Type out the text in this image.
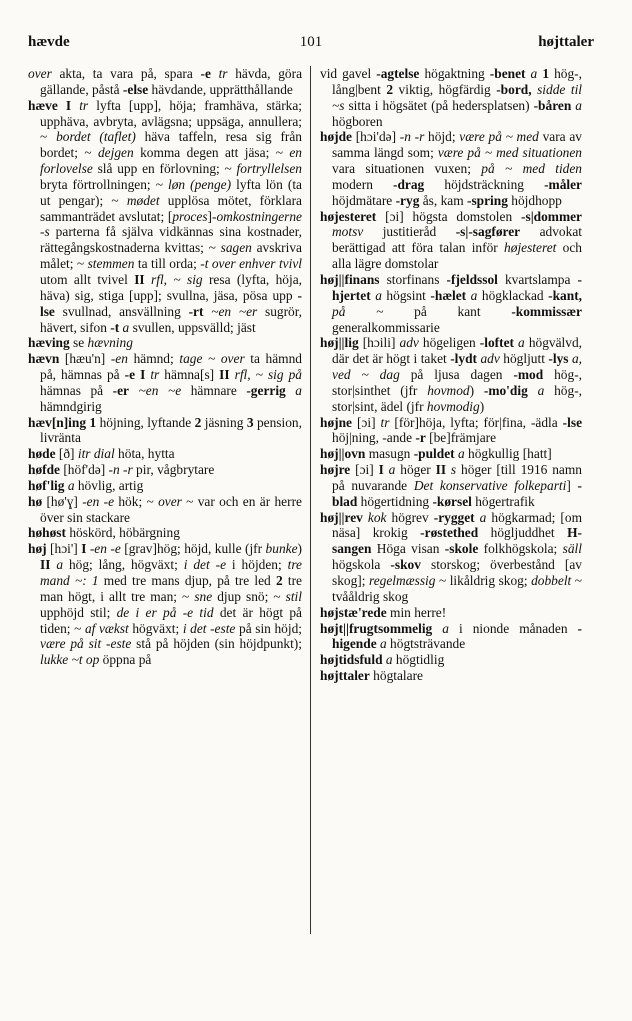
hævde	101	højttaler

over akta, ta vara på, spara -e tr hävda, göra gällande, påstå -else hävdande, upprätthållande

hæve I tr lyfta [upp], höja; framhäva, stärka; upphäva, avbryta, avlägsna; uppsäga, annullera; ~ bordet (taflet) häva taffeln, resa sig från bordet; ~ dejgen komma degen att jäsa; ~ en forlovelse slå upp en förlovning; ~ fortryllelsen bryta förtrollningen; ~ løn (penge) lyfta lön (ta ut pengar); ~ mødet upplösa mötet, förklara sammanträdet avslutat; [proces]-omkostningerne -s parterna få själva vidkännas sina kostnader, rättegångskostnaderna kvittas; ~ sagen avskriva målet; ~ stemmen ta till orda; -t over enhver tvivl utom allt tvivel II rfl, ~ sig resa (lyfta, höja, häva) sig, stiga [upp]; svullna, jäsa, pösa upp -lse svullnad, ansvällning -rt ~en ~er sugrör, hävert, sifon -t a svullen, uppsvälld; jäst

hæving se hævning

hævn [hæu'n] -en hämnd; tage ~ over ta hämnd på, hämnas på -e I tr hämna[s] II rfl, ~ sig på hämnas på -er ~en ~e hämnare -gerrig a hämndgirig

hæv[n]ing 1 höjning, lyftande 2 jäsning 3 pension, livränta

høde [ð] itr dial höta, hytta

høfde [höf'də] -n -r pir, vågbrytare

høf'lig a hövlig, artig

hø [hø'ɣ] -en -e hök; ~ over ~ var och en är herre över sin stackare

høhøst höskörd, höbärgning

høj [hɔi'] I -en -e [grav]hög; höjd, kulle (jfr bunke) II a hög; lång, högväxt; i det -e i höjden; tre mand ~: 1 med tre mans djup, på tre led 2 tre man högt, i allt tre man; ~ sne djup snö; ~ stil upphöjd stil; de i er på -e tid det är högt på tiden; ~ af vækst högväxt; i det -este på sin höjd; være på sit -este stå på höjden (sin höjdpunkt); lukke ~t op öppna på

vid gavel -agtelse högaktning -benet a 1 hög-, lång|bent 2 viktig, högfärdig -bord, sidde til ~s sitta i högsätet (på hedersplatsen) -båren a högboren

højde [hɔi'də] -n -r höjd; være på ~ med vara av samma längd som; være på ~ med situationen vara situationen vuxen; på ~ med tiden modern -drag höjdsträckning -måler höjdmätare -ryg ås, kam -spring höjdhopp

højesteret [ɔi] högsta domstolen -s|dommer motsv justitieråd -s|-sagfører advokat berättigad att föra talan inför højesteret och alla lägre domstolar

høj||finans storfinans -fjeldssol kvartslampa -hjertet a högsint -hælet a högklackad -kant, på ~ på kant -kommissær generalkommissarie

høj||lig [hɔili] adv högeligen -loftet a högvälvd, där det är högt i taket -lydt adv högljutt -lys a, ved ~ dag på ljusa dagen -mod hög-, stor|sinthet (jfr hovmod) -mo'dig a hög-, stor|sint, ädel (jfr hovmodig)

højne [ɔi] tr [för]höja, lyfta; för|fina, -ädla -lse höj|ning, -ande -r [be]främjare

høj||ovn masugn -puldet a högkullig [hatt]

højre [ɔi] I a höger II s höger [till 1916 namn på nuvarande Det konservative folkeparti] -blad högertidning -kørsel högertrafik

høj||rev kok högrev -rygget a högkarmad; [om näsa] krokig -røstethed högljuddhet H-sangen Höga visan -skole folkhögskola; säll högskola -skov storskog; överbestånd [av skog]; regelmæssig ~ likåldrig skog; dobbelt ~ tvååldrig skog

højstæ'rede min herre!

højt||frugtsommelig a i nionde månaden -higende a högtsträvande

højtidsfuld a högtidlig

højttaler högtalare
